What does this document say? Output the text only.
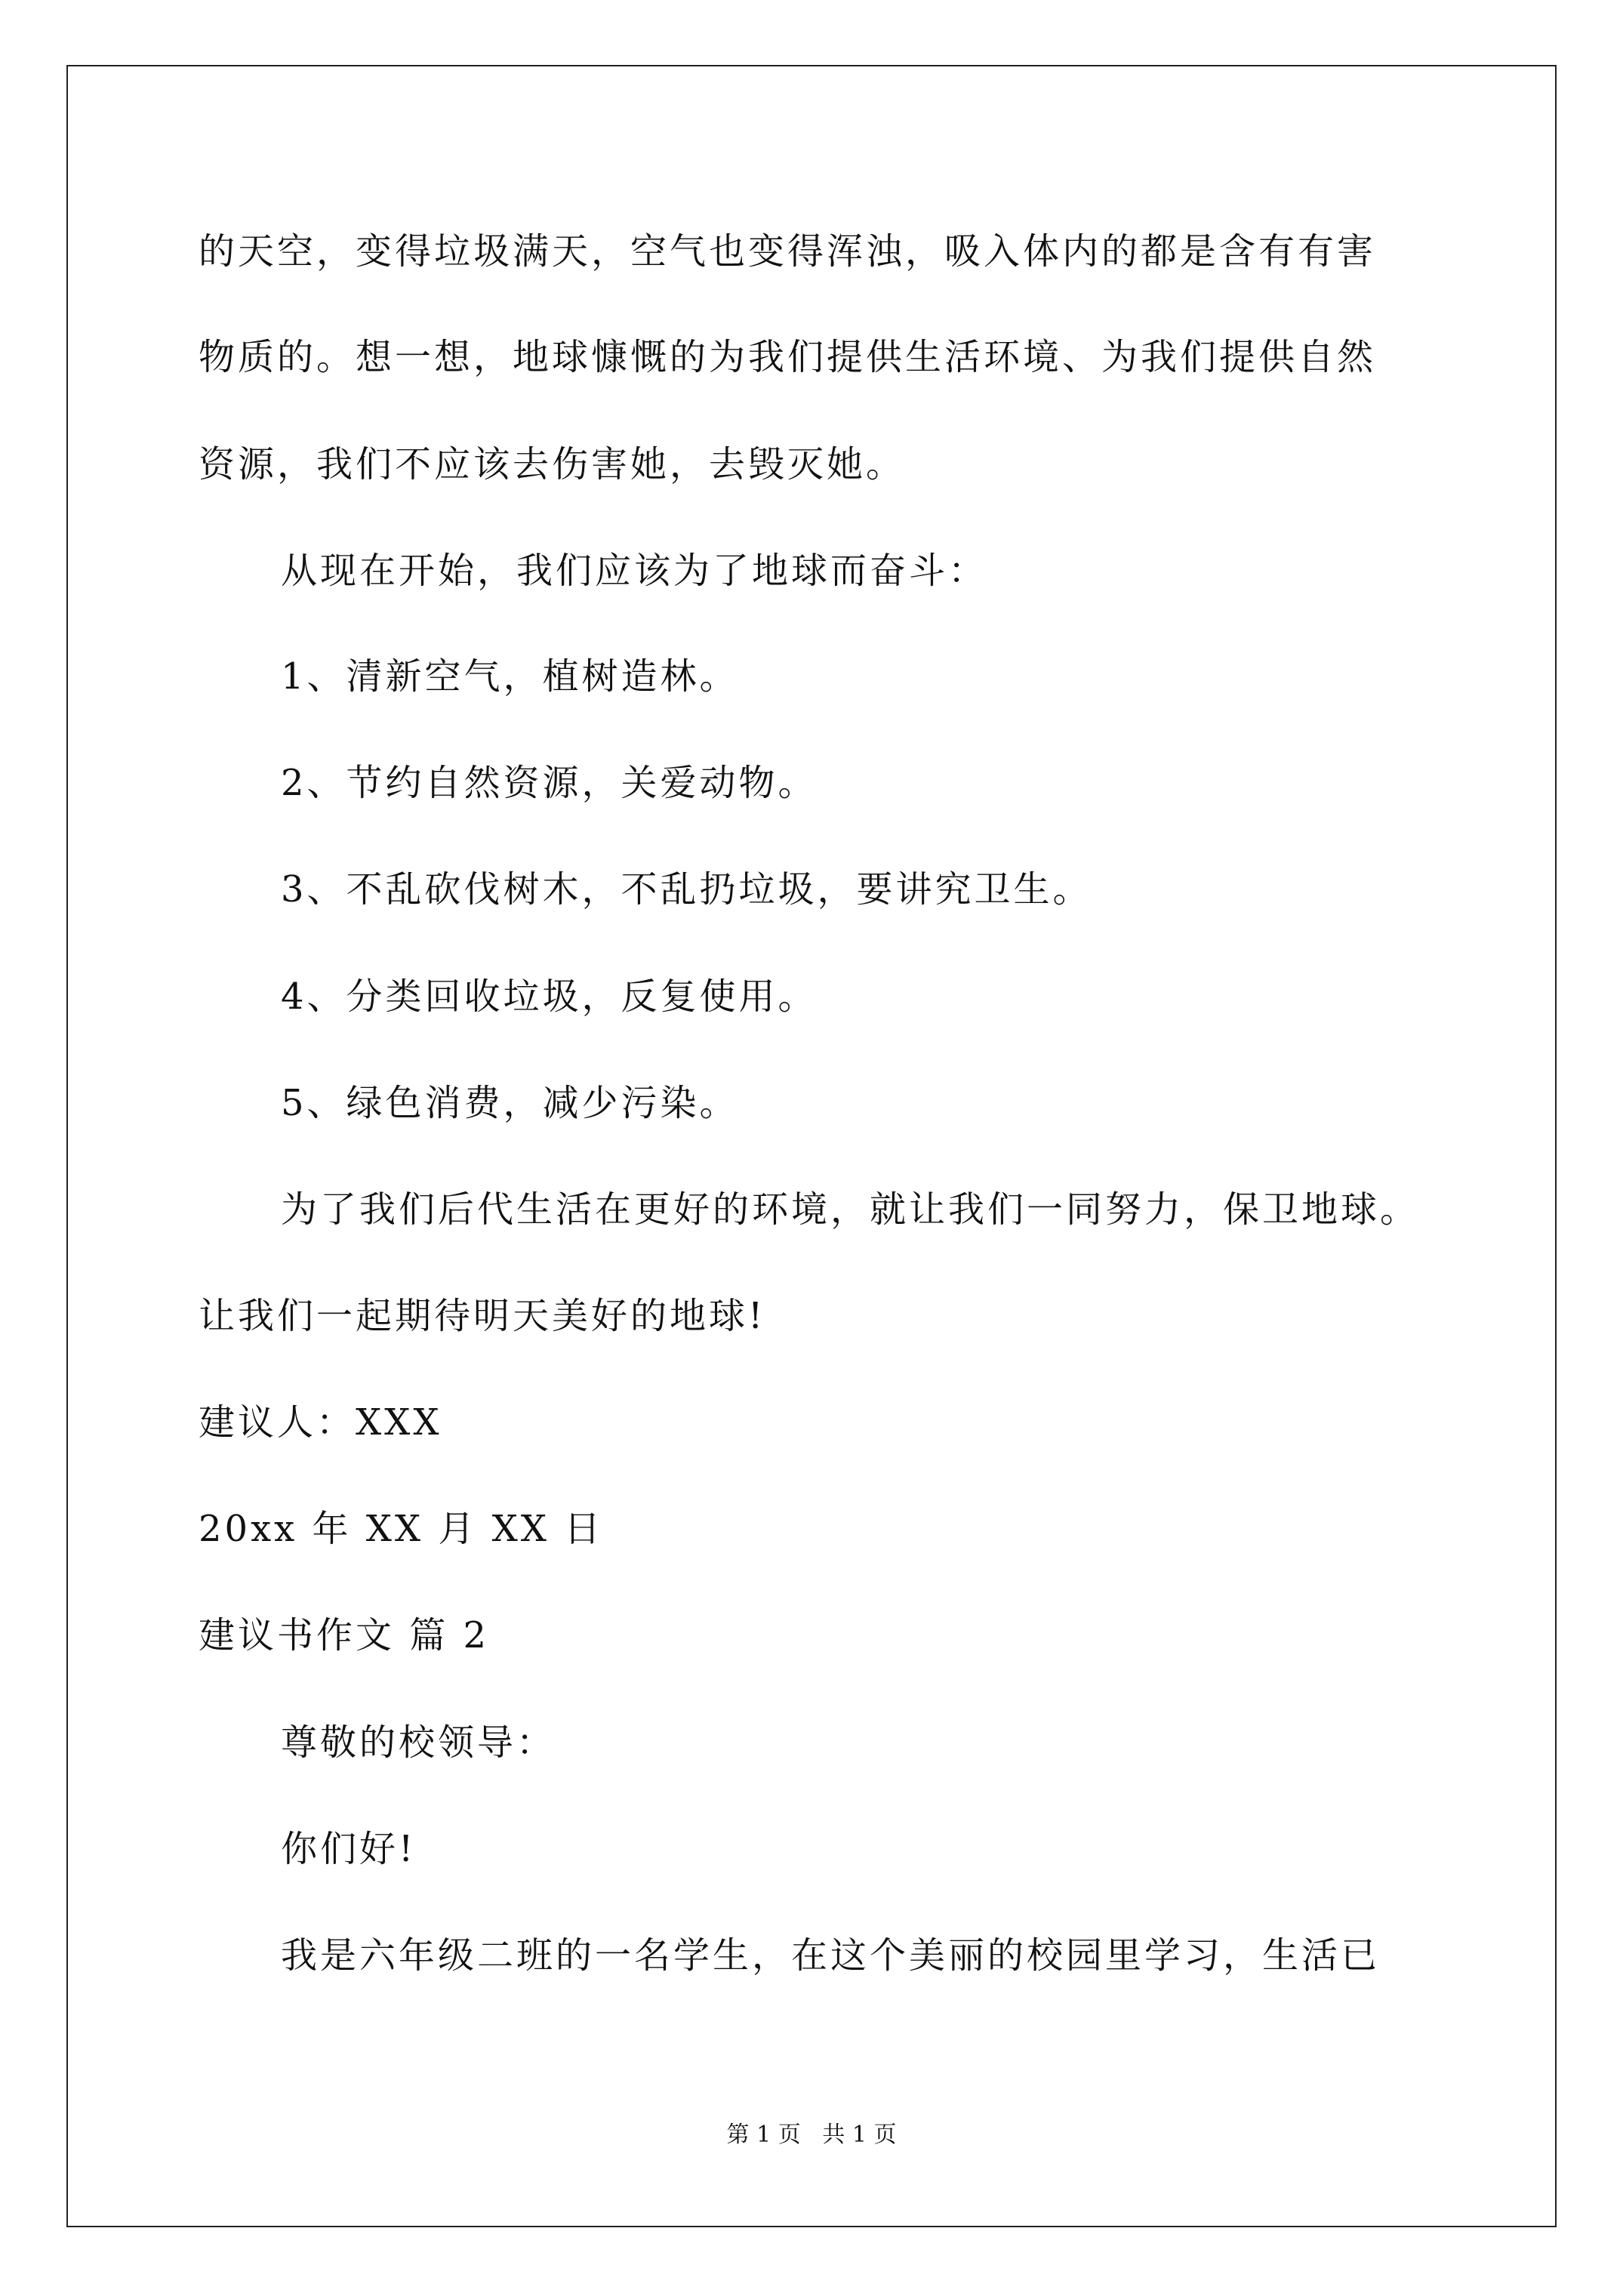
的天空，变得垃圾满天，空气也变得浑浊，吸入体内的都是含有有害
物质的。想一想，地球慷慨的为我们提供生活环境、为我们提供自然
资源，我们不应该去伤害她，去毁灭她。
从现在开始，我们应该为了地球而奋斗：
1、清新空气，植树造林。
2、节约自然资源，关爱动物。
3、不乱砍伐树木，不乱扔垃圾，要讲究卫生。
4、分类回收垃圾，反复使用。
5、绿色消费，减少污染。
为了我们后代生活在更好的环境，就让我们一同努力，保卫地球。
让我们一起期待明天美好的地球!
建议人：XXX
20xx 年 XX 月 XX 日
建议书作文 篇 2
尊敬的校领导：
你们好!
我是六年级二班的一名学生，在这个美丽的校园里学习，生活已
第 1 页   共 1 页
